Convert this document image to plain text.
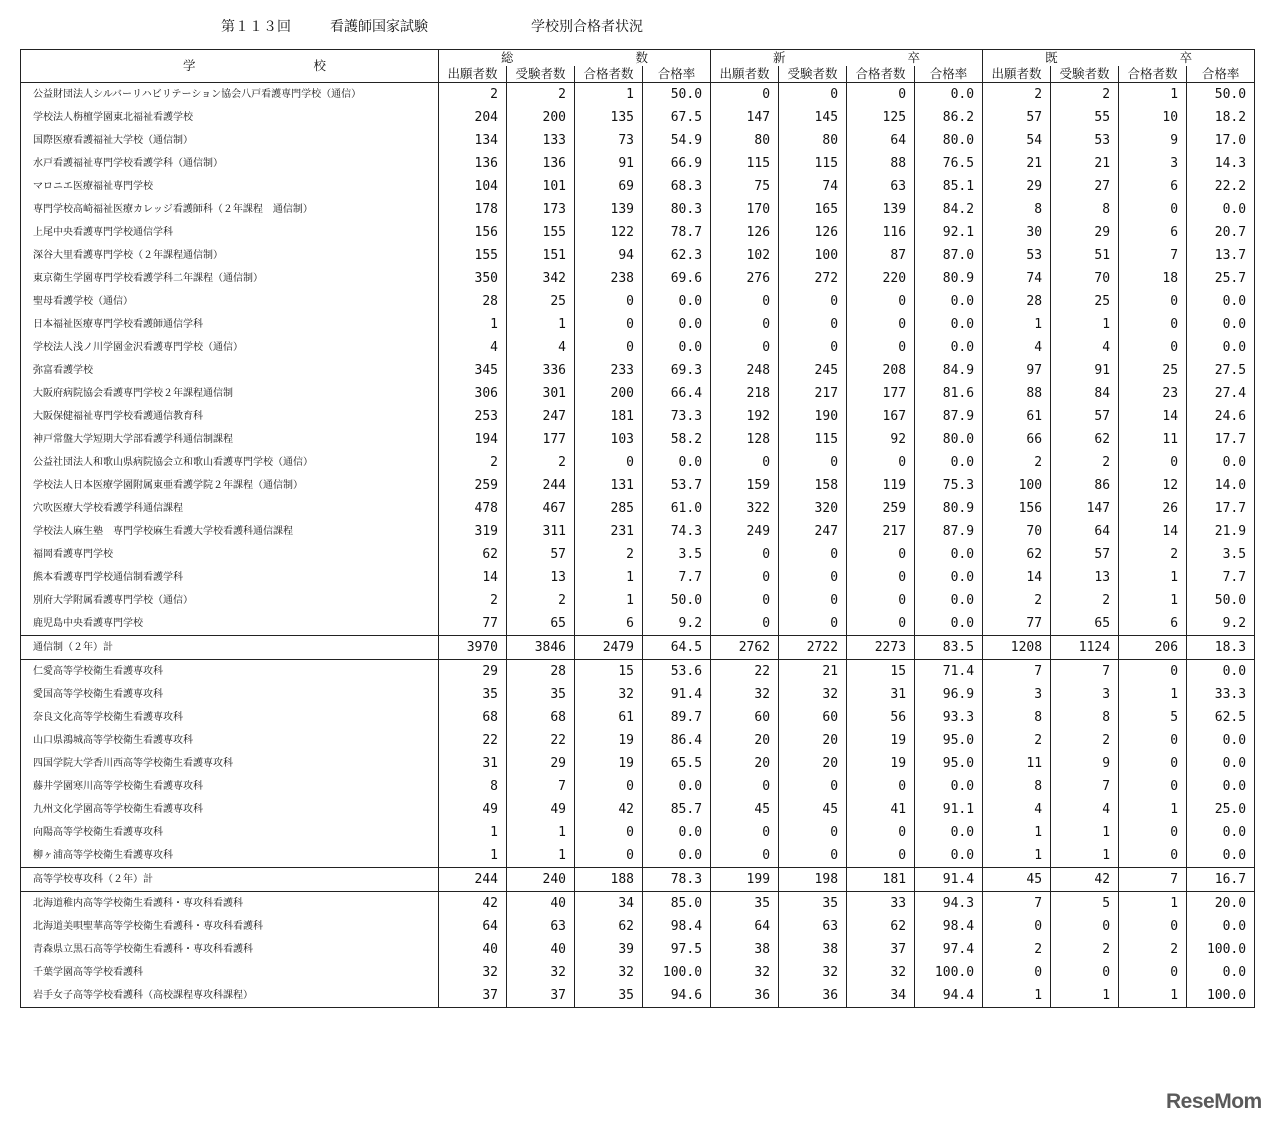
第１１３回

	看護師国家試験

	学校別合格者状況

学 校	総 数				新 卒				既 卒			

	出願者数	受験者数	合格者数	合格率	出願者数	受験者数	合格者数	合格率	出願者数	受験者数	合格者数	合格率
公益財団法人シルバーリハビリテーション協会八戸看護専門学校（通信）	2	2	1	50.0	0	0	0	0.0	2	2	1	50.0
学校法人栴檀学園東北福祉看護学校	204	200	135	67.5	147	145	125	86.2	57	55	10	18.2
国際医療看護福祉大学校（通信制）	134	133	73	54.9	80	80	64	80.0	54	53	9	17.0
水戸看護福祉専門学校看護学科（通信制）	136	136	91	66.9	115	115	88	76.5	21	21	3	14.3
マロニエ医療福祉専門学校	104	101	69	68.3	75	74	63	85.1	29	27	6	22.2
専門学校高崎福祉医療カレッジ看護師科（２年課程　通信制）	178	173	139	80.3	170	165	139	84.2	8	8	0	0.0
上尾中央看護専門学校通信学科	156	155	122	78.7	126	126	116	92.1	30	29	6	20.7
深谷大里看護専門学校（２年課程通信制）	155	151	94	62.3	102	100	87	87.0	53	51	7	13.7
東京衛生学園専門学校看護学科二年課程（通信制）	350	342	238	69.6	276	272	220	80.9	74	70	18	25.7
聖母看護学校（通信）	28	25	0	0.0	0	0	0	0.0	28	25	0	0.0
日本福祉医療専門学校看護師通信学科	1	1	0	0.0	0	0	0	0.0	1	1	0	0.0
学校法人浅ノ川学園金沢看護専門学校（通信）	4	4	0	0.0	0	0	0	0.0	4	4	0	0.0
弥富看護学校	345	336	233	69.3	248	245	208	84.9	97	91	25	27.5
大阪府病院協会看護専門学校２年課程通信制	306	301	200	66.4	218	217	177	81.6	88	84	23	27.4
大阪保健福祉専門学校看護通信教育科	253	247	181	73.3	192	190	167	87.9	61	57	14	24.6
神戸常盤大学短期大学部看護学科通信制課程	194	177	103	58.2	128	115	92	80.0	66	62	11	17.7
公益社団法人和歌山県病院協会立和歌山看護専門学校（通信）	2	2	0	0.0	0	0	0	0.0	2	2	0	0.0
学校法人日本医療学園附属東亜看護学院２年課程（通信制）	259	244	131	53.7	159	158	119	75.3	100	86	12	14.0
穴吹医療大学校看護学科通信課程	478	467	285	61.0	322	320	259	80.9	156	147	26	17.7
学校法人麻生塾　専門学校麻生看護大学校看護科通信課程	319	311	231	74.3	249	247	217	87.9	70	64	14	21.9
福岡看護専門学校	62	57	2	3.5	0	0	0	0.0	62	57	2	3.5
熊本看護専門学校通信制看護学科	14	13	1	7.7	0	0	0	0.0	14	13	1	7.7
別府大学附属看護専門学校（通信）	2	2	1	50.0	0	0	0	0.0	2	2	1	50.0
鹿児島中央看護専門学校	77	65	6	9.2	0	0	0	0.0	77	65	6	9.2
通信制（２年）計	3970	3846	2479	64.5	2762	2722	2273	83.5	1208	1124	206	18.3
仁愛高等学校衛生看護専攻科	29	28	15	53.6	22	21	15	71.4	7	7	0	0.0
愛国高等学校衛生看護専攻科	35	35	32	91.4	32	32	31	96.9	3	3	1	33.3
奈良文化高等学校衛生看護専攻科	68	68	61	89.7	60	60	56	93.3	8	8	5	62.5
山口県鴻城高等学校衛生看護専攻科	22	22	19	86.4	20	20	19	95.0	2	2	0	0.0
四国学院大学香川西高等学校衛生看護専攻科	31	29	19	65.5	20	20	19	95.0	11	9	0	0.0
藤井学園寒川高等学校衛生看護専攻科	8	7	0	0.0	0	0	0	0.0	8	7	0	0.0
九州文化学園高等学校衛生看護専攻科	49	49	42	85.7	45	45	41	91.1	4	4	1	25.0
向陽高等学校衛生看護専攻科	1	1	0	0.0	0	0	0	0.0	1	1	0	0.0
柳ヶ浦高等学校衛生看護専攻科	1	1	0	0.0	0	0	0	0.0	1	1	0	0.0
高等学校専攻科（２年）計	244	240	188	78.3	199	198	181	91.4	45	42	7	16.7
北海道稚内高等学校衛生看護科・専攻科看護科	42	40	34	85.0	35	35	33	94.3	7	5	1	20.0
北海道美唄聖華高等学校衛生看護科・専攻科看護科	64	63	62	98.4	64	63	62	98.4	0	0	0	0.0
青森県立黒石高等学校衛生看護科・専攻科看護科	40	40	39	97.5	38	38	37	97.4	2	2	2	100.0
千葉学園高等学校看護科	32	32	32	100.0	32	32	32	100.0	0	0	0	0.0
岩手女子高等学校看護科（高校課程専攻科課程）	37	37	35	94.6	36	36	34	94.4	1	1	1	100.0
ReseMom
